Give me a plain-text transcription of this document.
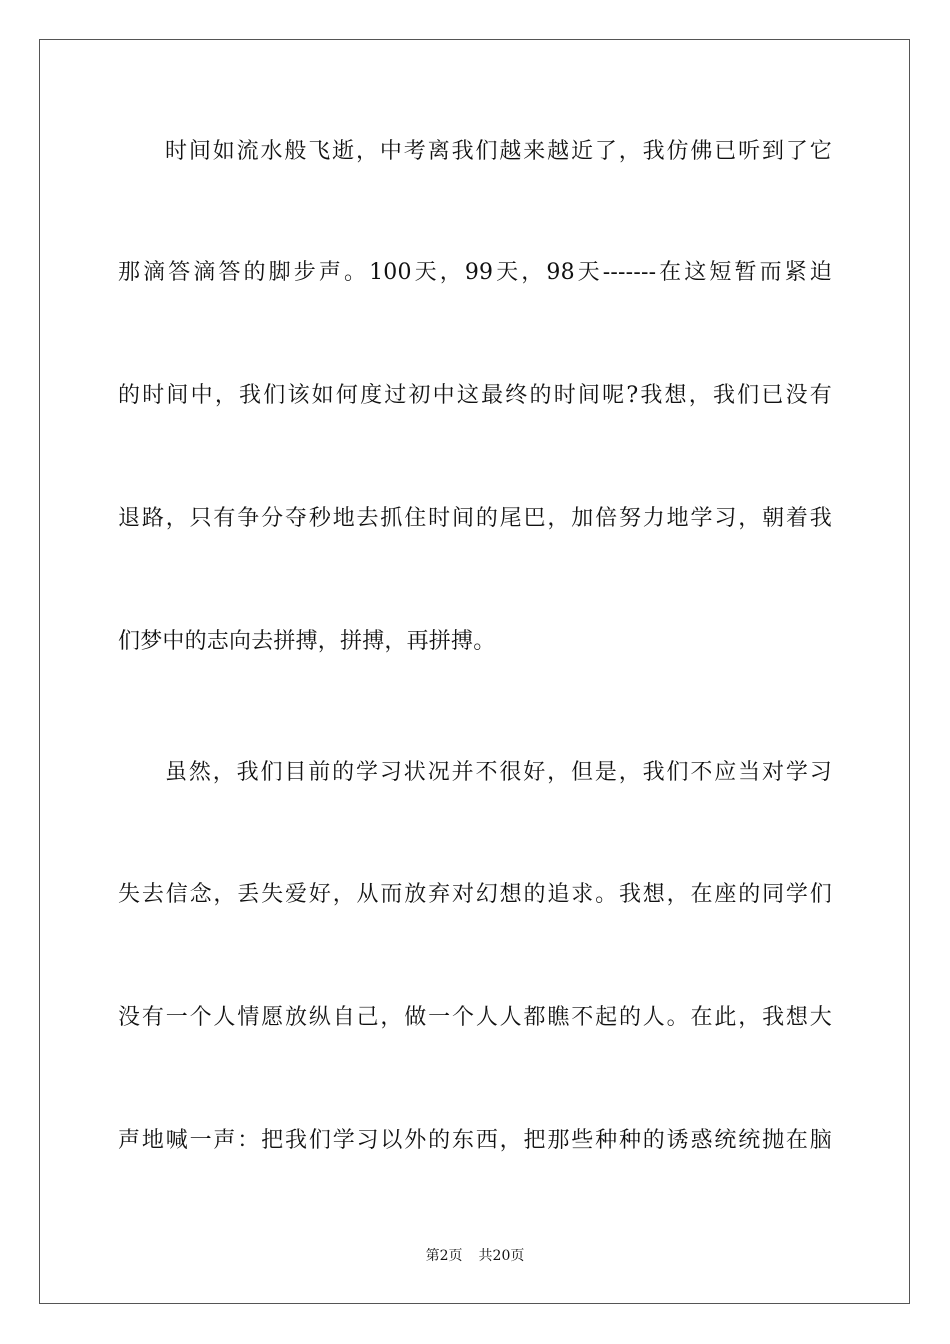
时间如流水般飞逝，中考离我们越来越近了，我仿佛已听到了它
那滴答滴答的脚步声。100天，99天，98天-------在这短暂而紧迫
的时间中，我们该如何度过初中这最终的时间呢?我想，我们已没有
退路，只有争分夺秒地去抓住时间的尾巴，加倍努力地学习，朝着我
们梦中的志向去拼搏，拼搏，再拼搏。
虽然，我们目前的学习状况并不很好，但是，我们不应当对学习
失去信念，丢失爱好，从而放弃对幻想的追求。我想，在座的同学们
没有一个人情愿放纵自己，做一个人人都瞧不起的人。在此，我想大
声地喊一声：把我们学习以外的东西，把那些种种的诱惑统统抛在脑
第2页 共20页
